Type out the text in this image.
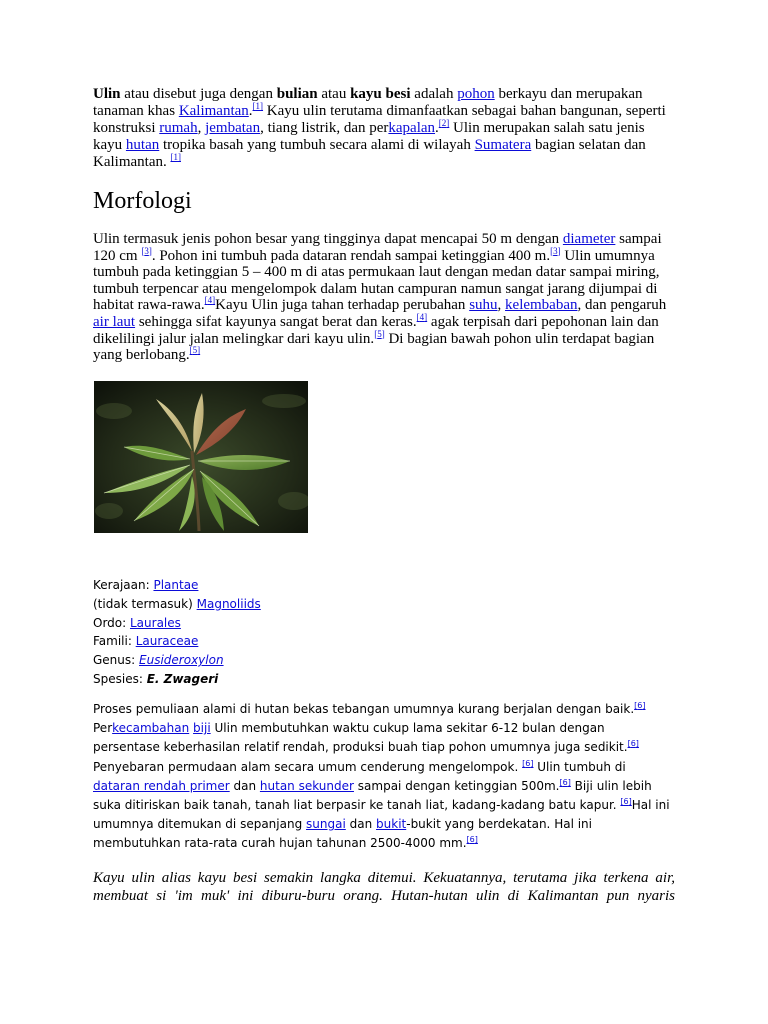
Ulin atau disebut juga dengan bulian atau kayu besi adalah pohon berkayu dan merupakan tanaman khas Kalimantan. [ $^1$ ] Kayu ulin terutama dimanfaatkan sebagai bahan bangunan, seperti konstruksi rumah, jembatan, tiang listrik, dan perkapalan. [ $^2$ ] Ulin merupakan salah satu jenis kayu hutan tropika basah yang tumbuh secara alami di wilayah Sumatera bagian selatan dan Kalimantan. [ $^1$ ]
Morfologi
Ulin termasuk jenis pohon besar yang tingginya dapat mencapai 50 m dengan diameter sampai 120 cm [ $^3$ ] . Pohon ini tumbuh pada dataran rendah sampai ketinggian 400 m. [ $^3$ ] Ulin umumnya tumbuh pada ketinggian 5 – 400 m di atas permukaan laut dengan medan datar sampai miring, tumbuh terpencar atau mengelompok dalam hutan campuran namun sangat jarang dijumpai di habitat rawa-rawa. [ $^4$ ] Kayu Ulin juga tahan terhadap perubahan suhu, kelembaban, dan pengaruh air laut sehingga sifat kayunya sangat berat dan keras. [ $^4$ ] agak terpisah dari pepohonan lain dan dikelilingi jalur jalan melingkar dari kayu ulin. [ $^5$ ] Di bagian bawah pohon ulin terdapat bagian yang berlobang. [ $^5$ ]
Kerajaan: Plantae
(tidak termasuk) Magnoliids
Ordo: Laurales
Famili: Lauraceae
Genus: Eusideroxylon
Spesies: E. Zwageri
Proses pemuliaan alami di hutan bekas tebangan umumnya kurang berjalan dengan baik. [ $^6$ ] Perkecambahan biji Ulin membutuhkan waktu cukup lama sekitar 6-12 bulan dengan persentase keberhasilan relatif rendah, produksi buah tiap pohon umumnya juga sedikit. [ $^6$ ] Penyebaran permudaan alam secara umum cenderung mengelompok. [ $^6$ ] Ulin tumbuh di dataran rendah primer dan hutan sekunder sampai dengan ketinggian 500m. [ $^6$ ] Biji ulin lebih suka ditiriskan baik tanah, tanah liat berpasir ke tanah liat, kadang-kadang batu kapur. [ $^6$ ] Hal ini umumnya ditemukan di sepanjang sungai dan bukit-bukit yang berdekatan. Hal ini membutuhkan rata-rata curah hujan tahunan 2500-4000 mm. [ $^6$ ]
Kayu ulin alias kayu besi semakin langka ditemui. Kekuatannya, terutama jika terkena air, membuat si 'im muk' ini diburu-buru orang. Hutan-hutan ulin di Kalimantan pun nyaris
